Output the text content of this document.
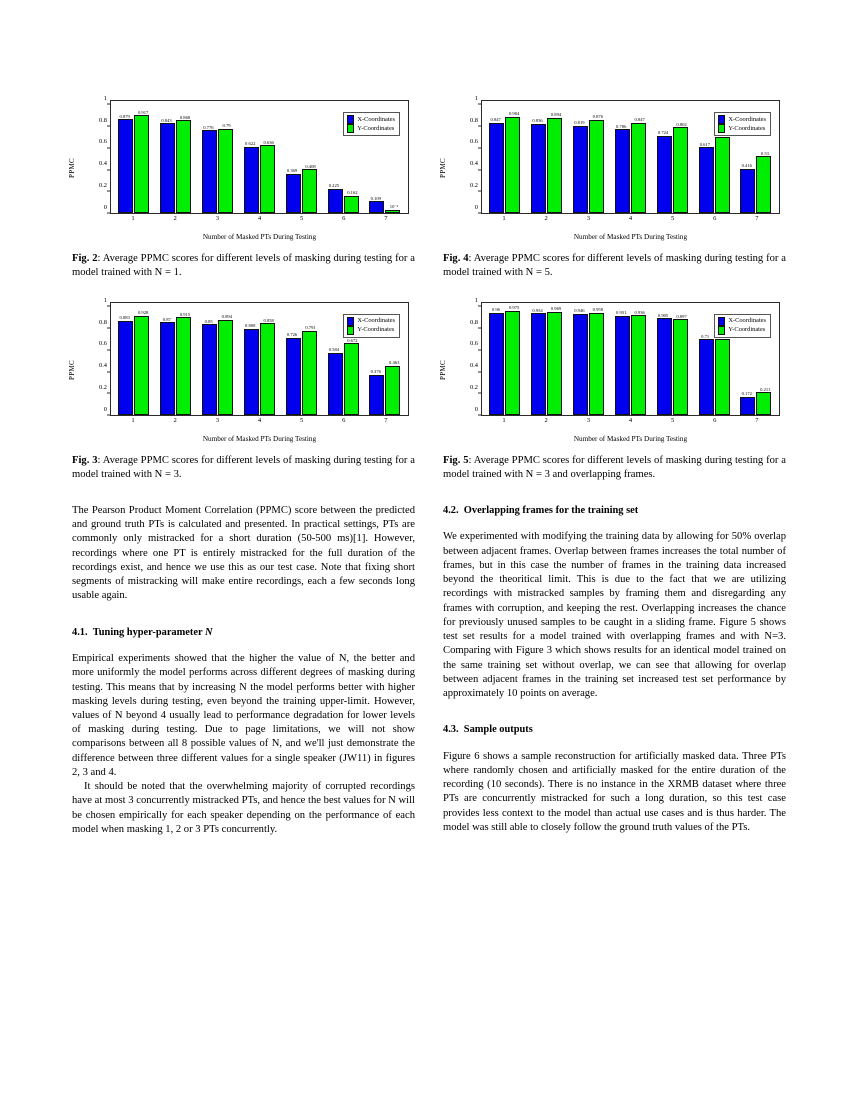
0
0.2
0.4
0.6
0.8
1
PPMC
0.879
0.917
0.843
0.868
0.776 0.79
0.622 0.636
0.369
0.408
0.225
0.162
0.109
10⁻²
X-Coordinates
Y-Coordinates
1	2	3	4	5	6	7
Number of Masked PTs During Testing

Fig. 2: Average PPMC scores for different levels of masking during testing for a model trained with N = 1.

0
0.2
0.4
0.6
0.8
1
PPMC
0.847
0.904
0.836
0.894
0.819
0.876
0.786
0.847
0.724
0.802
0.617
0.416
0.53
X-Coordinates
Y-Coordinates
1	2	3	4	5	6	7
Number of Masked PTs During Testing

Fig. 4: Average PPMC scores for different levels of masking during testing for a model trained with N = 5.

0
0.2
0.4
0.6
0.8
1
PPMC
0.883
0.928
0.87
0.915
0.85
0.894
0.808
0.858
0.726
0.791
0.584
0.672
0.376
0.463
X-Coordinates
Y-Coordinates
1	2	3	4	5	6	7
Number of Masked PTs During Testing

Fig. 3: Average PPMC scores for different levels of masking during testing for a model trained with N = 3.

0
0.2
0.4
0.6
0.8
1
PPMC
0.96 0.975	0.954 0.969	0.946 0.958
0.931 0.936
0.905 0.897
0.71
0.172
0.211
X-Coordinates
Y-Coordinates
1	2	3	4	5	6	7
Number of Masked PTs During Testing

Fig. 5: Average PPMC scores for different levels of masking during testing for a model trained with N = 3 and overlapping frames.

The Pearson Product Moment Correlation (PPMC) score between the predicted and ground truth PTs is calculated and presented. In practical settings, PTs are commonly only mistracked for a short duration (50-500 ms)[1]. However, recordings where one PT is entirely mistracked for the full duration of the recordings exist, and hence we use this as our test case. Note that fixing short segments of mistracking will make entire recordings, each a few seconds long usable again.

4.1. Tuning hyper-parameter N

Empirical experiments showed that the higher the value of N, the better and more uniformly the model performs across different degrees of masking during testing. This means that by increasing N the model performs better with higher masking levels during testing, even beyond the training upper-limit. However, values of N beyond 4 usually lead to performance degradation for lower levels of masking during testing. Due to page limitations, we will not show comparisons between all 8 possible values of N, and we'll just demonstrate the difference between three different values for a single speaker (JW11) in figures 2, 3 and 4.

It should be noted that the overwhelming majority of corrupted recordings have at most 3 concurrently mistracked PTs, and hence the best values for N will be chosen empirically for each speaker depending on the performance of each model when masking 1, 2 or 3 PTs concurrently.

4.2. Overlapping frames for the training set

We experimented with modifying the training data by allowing for 50% overlap between adjacent frames. Overlap between frames increases the total number of frames, but in this case the number of frames in the training data increased beyond the theoritical limit. This is due to the fact that we are utilizing recordings with mistracked samples by framing them and disregarding any frames with corruption, and keeping the rest. Overlapping increases the chance for previously unused samples to be caught in a sliding frame. Figure 5 shows test set results for a model trained with overlapping frames and with N=3. Comparing with Figure 3 which shows results for an identical model trained on the same training set without overlap, we can see that allowing for overlap between adjacent frames in the training set increased test set performance by approximately 10 points on average.

4.3. Sample outputs

Figure 6 shows a sample reconstruction for artificially masked data. Three PTs where randomly chosen and artificially masked for the entire duration of the recording (10 seconds). There is no instance in the XRMB dataset where three PTs are concurrently mistracked for such a long duration, so this test case provides less context to the model than actual use cases and is thus harder. The model was still able to closely follow the ground truth values of the PTs.
